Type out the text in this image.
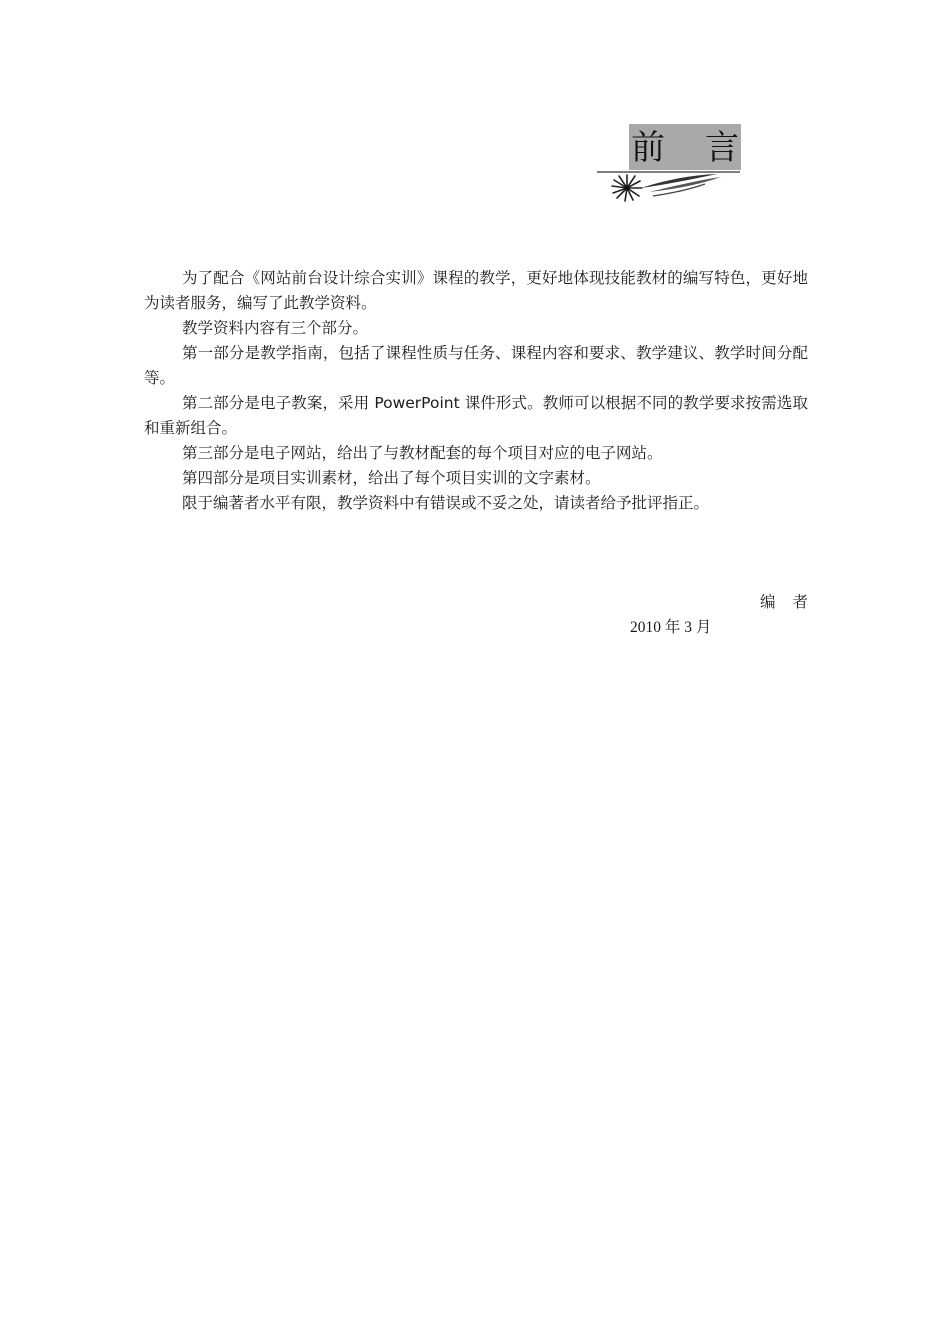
前 言

为了配合《网站前台设计综合实训》课程的教学，更好地体现技能教材的编写特色，更好地为读者服务，编写了此教学资料。

教学资料内容有三个部分。

第一部分是教学指南，包括了课程性质与任务、课程内容和要求、教学建议、教学时间分配等。

第二部分是电子教案，采用 PowerPoint 课件形式。教师可以根据不同的教学要求按需选取和重新组合。

第三部分是电子网站，给出了与教材配套的每个项目对应的电子网站。

第四部分是项目实训素材，给出了每个项目实训的文字素材。

限于编著者水平有限，教学资料中有错误或不妥之处，请读者给予批评指正。

编者
2010 年 3 月
